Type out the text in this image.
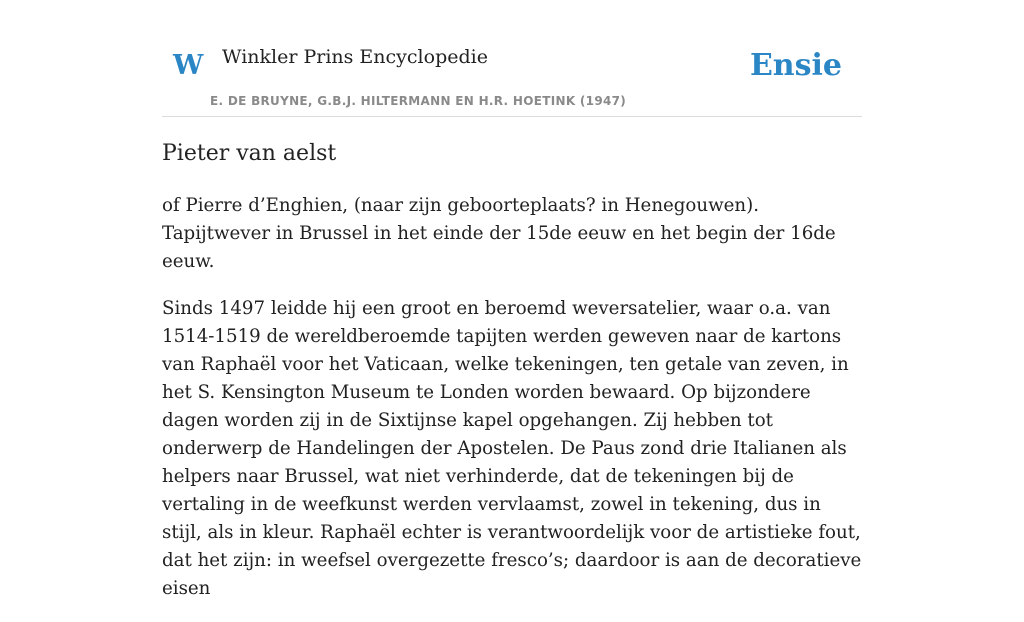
W Winkler Prins Encyclopedie
E. DE BRUYNE, G.B.J. HILTERMANN EN H.R. HOETINK (1947)
Ensie
Pieter van aelst

of Pierre d’Enghien, (naar zijn geboorteplaats? in Henegouwen). Tapijtwever in Brussel in het einde der 15de eeuw en het begin der 16de eeuw.

Sinds 1497 leidde hij een groot en beroemd weversatelier, waar o.a. van 1514-1519 de wereldberoemde tapijten werden geweven naar de kartons van Raphaël voor het Vaticaan, welke tekeningen, ten getale van zeven, in het S. Kensington Museum te Londen worden bewaard. Op bijzondere dagen worden zij in de Sixtijnse kapel opgehangen. Zij hebben tot onderwerp de Handelingen der Apostelen. De Paus zond drie Italianen als helpers naar Brussel, wat niet verhinderde, dat de tekeningen bij de vertaling in de weefkunst werden vervlaamst, zowel in tekening, dus in stijl, als in kleur. Raphaël echter is verantwoordelijk voor de artistieke fout, dat het zijn: in weefsel overgezette fresco’s; daardoor is aan de decoratieve eisen
